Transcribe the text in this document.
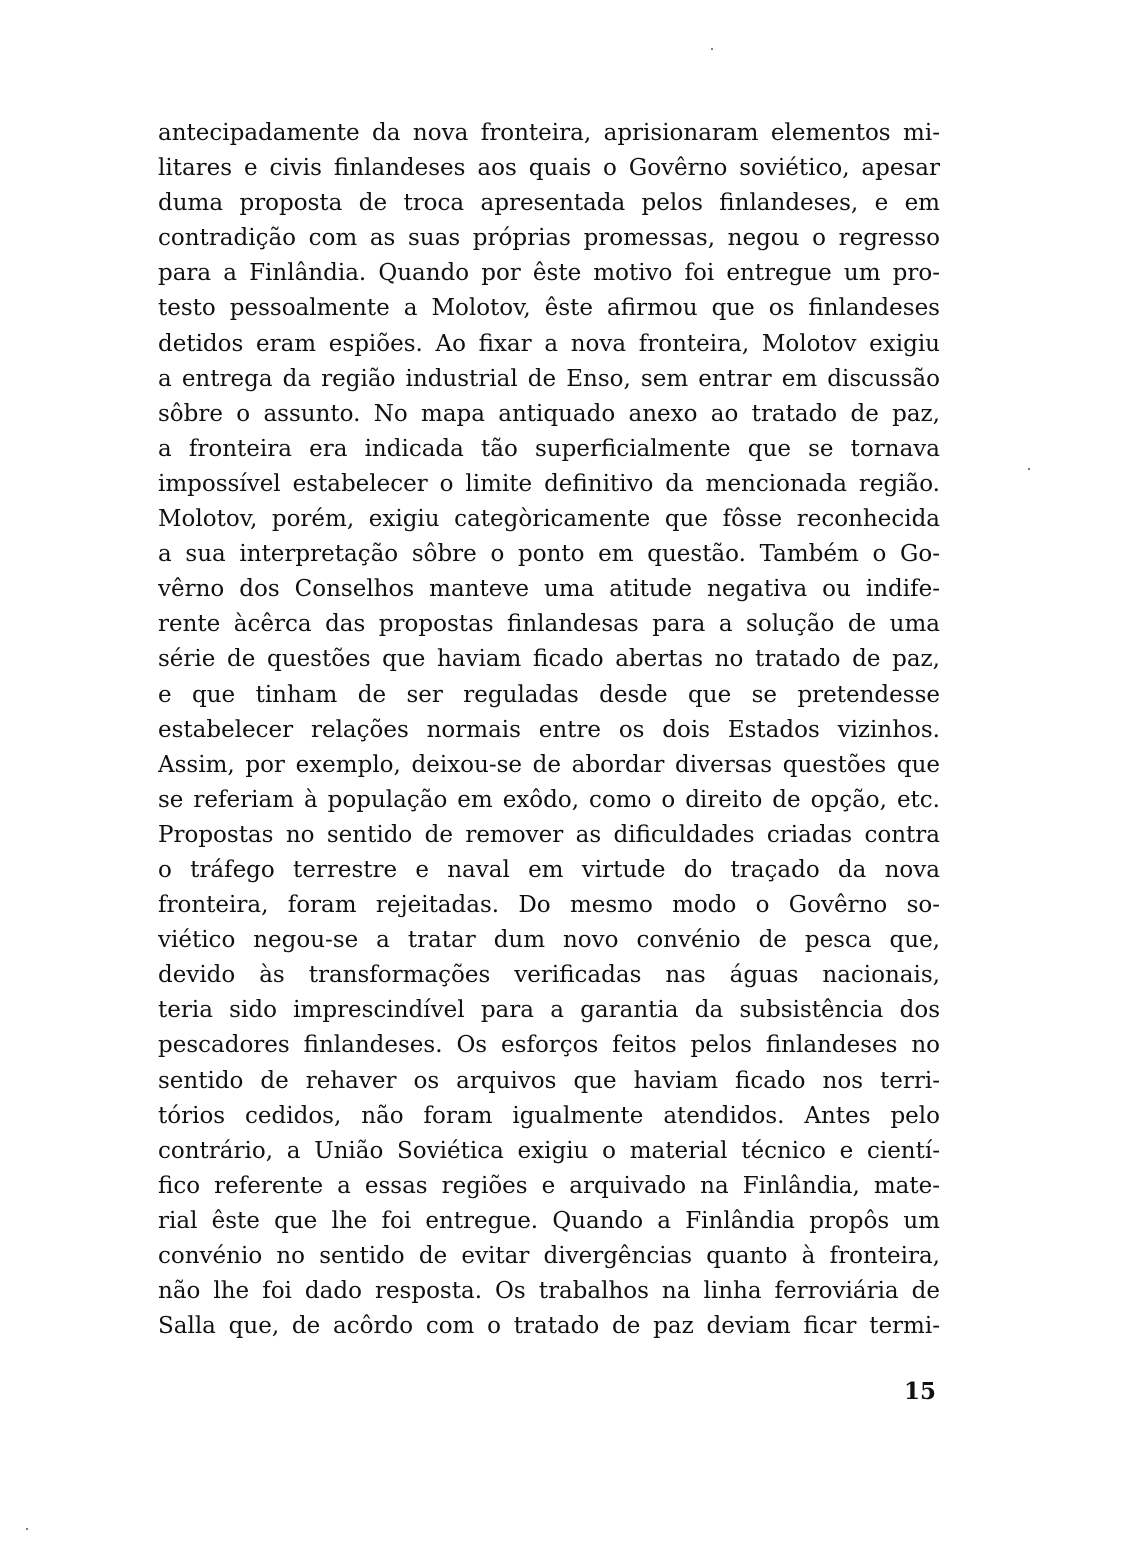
antecipadamente da nova fronteira, aprisionaram elementos mi-
litares e civis finlandeses aos quais o Govêrno soviético, apesar
duma proposta de troca apresentada pelos finlandeses, e em
contradição com as suas próprias promessas, negou o regresso
para a Finlândia. Quando por êste motivo foi entregue um pro-
testo pessoalmente a Molotov, êste afirmou que os finlandeses
detidos eram espiões. Ao fixar a nova fronteira, Molotov exigiu
a entrega da região industrial de Enso, sem entrar em discussão
sôbre o assunto. No mapa antiquado anexo ao tratado de paz,
a fronteira era indicada tão superficialmente que se tornava
impossível estabelecer o limite definitivo da mencionada região.
Molotov, porém, exigiu categòricamente que fôsse reconhecida
a sua interpretação sôbre o ponto em questão. Também o Go-
vêrno dos Conselhos manteve uma atitude negativa ou indife-
rente àcêrca das propostas finlandesas para a solução de uma
série de questões que haviam ficado abertas no tratado de paz,
e que tinham de ser reguladas desde que se pretendesse
estabelecer relações normais entre os dois Estados vizinhos.
Assim, por exemplo, deixou-se de abordar diversas questões que
se referiam à população em exôdo, como o direito de opção, etc.
Propostas no sentido de remover as dificuldades criadas contra
o tráfego terrestre e naval em virtude do traçado da nova
fronteira, foram rejeitadas. Do mesmo modo o Govêrno so-
viético negou-se a tratar dum novo convénio de pesca que,
devido às transformações verificadas nas águas nacionais,
teria sido imprescindível para a garantia da subsistência dos
pescadores finlandeses. Os esforços feitos pelos finlandeses no
sentido de rehaver os arquivos que haviam ficado nos terri-
tórios cedidos, não foram igualmente atendidos. Antes pelo
contrário, a União Soviética exigiu o material técnico e cientí-
fico referente a essas regiões e arquivado na Finlândia, mate-
rial êste que lhe foi entregue. Quando a Finlândia propôs um
convénio no sentido de evitar divergências quanto à fronteira,
não lhe foi dado resposta. Os trabalhos na linha ferroviária de
Salla que, de acôrdo com o tratado de paz deviam ficar termi-
15
